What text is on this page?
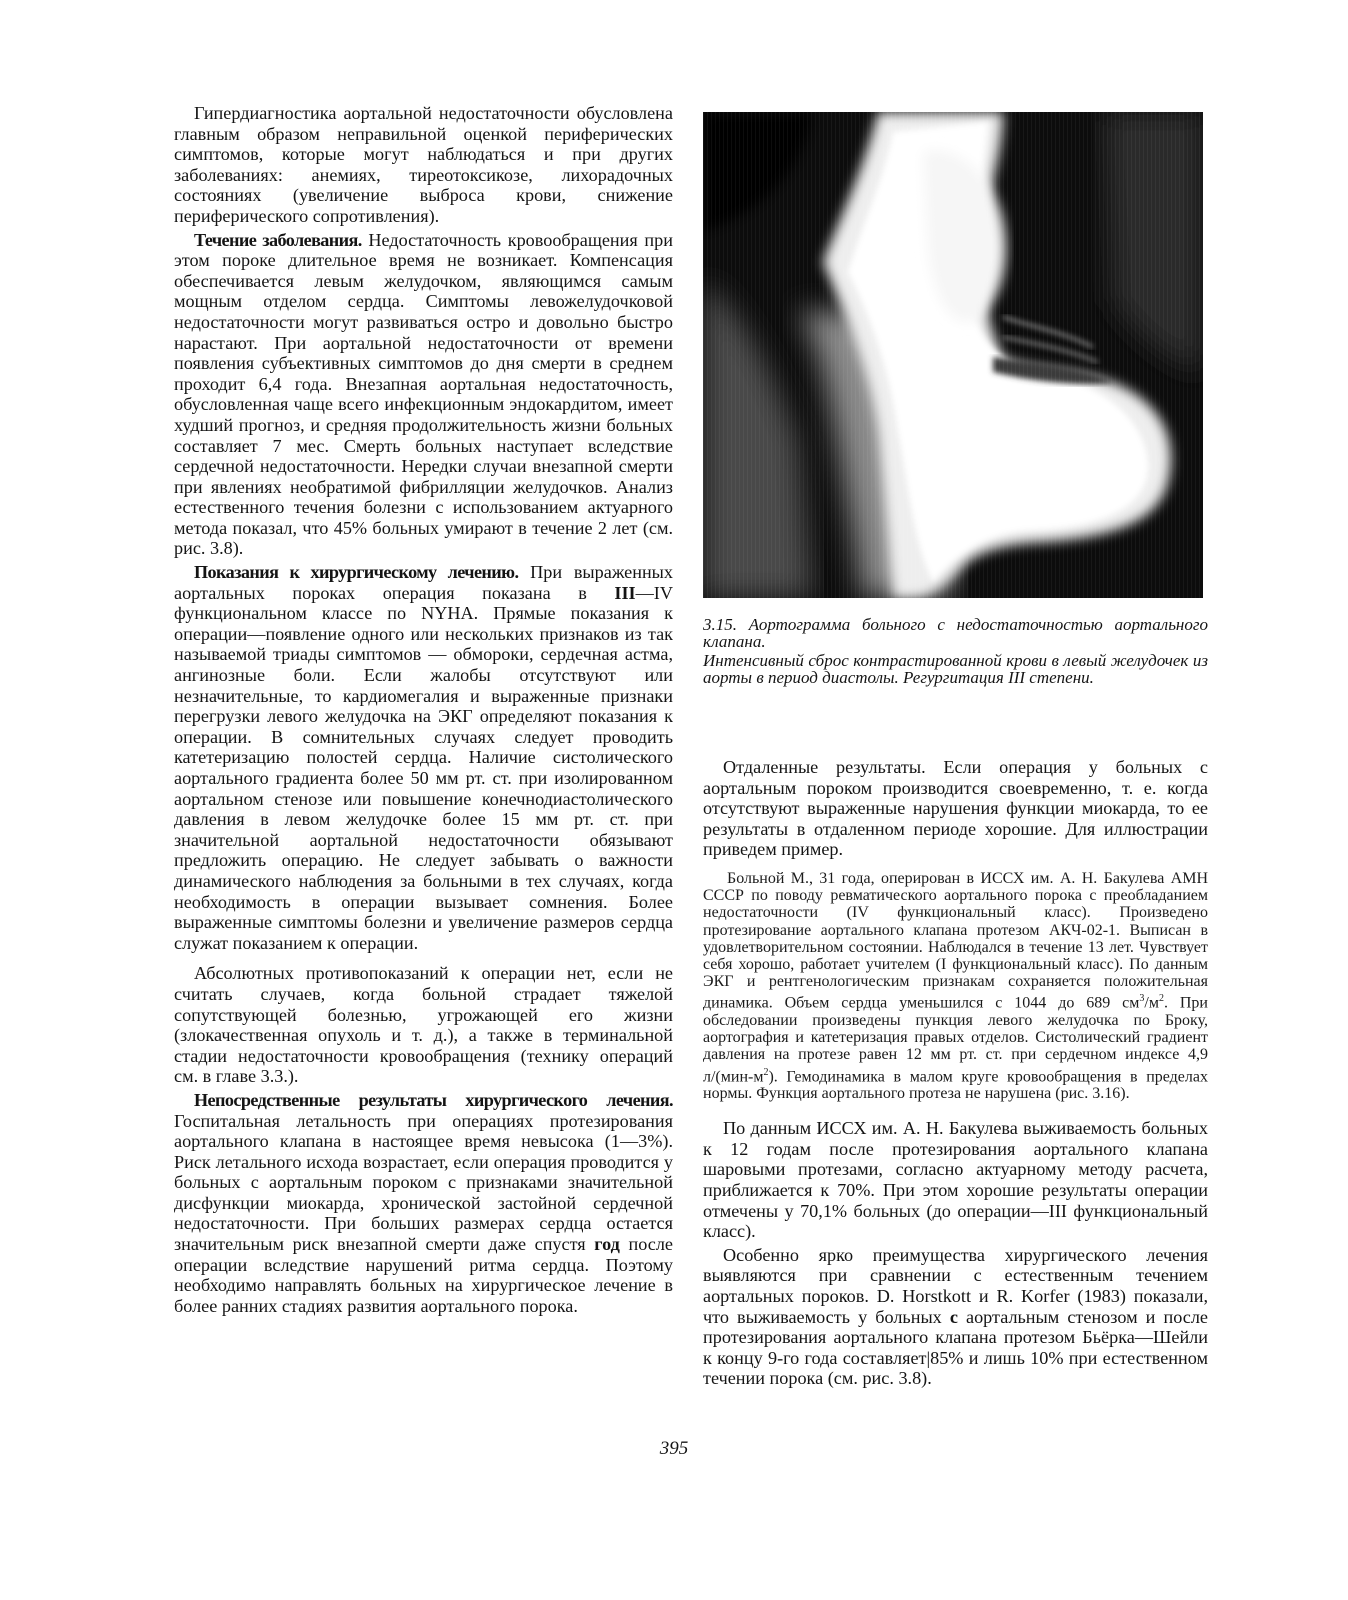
Гипердиагностика аортальной недостаточности обусловлена главным образом неправильной оценкой периферических симптомов, которые могут наблюдаться и при других заболеваниях: анемиях, тиреотоксикозе, лихорадочных состояниях (увеличение выброса крови, снижение периферического сопротивления).

Течение заболевания. Недостаточность кровообращения при этом пороке длительное время не возникает. Компенсация обеспечивается левым желудочком, являющимся самым мощным отделом сердца. Симптомы левожелудочковой недостаточности могут развиваться остро и довольно быстро нарастают. При аортальной недостаточности от времени появления субъективных симптомов до дня смерти в среднем проходит 6,4 года. Внезапная аортальная недостаточность, обусловленная чаще всего инфекционным эндокардитом, имеет худший прогноз, и средняя продолжительность жизни больных составляет 7 мес. Смерть больных наступает вследствие сердечной недостаточности. Нередки случаи внезапной смерти при явлениях необратимой фибрилляции желудочков. Анализ естественного течения болезни с использованием актуарного метода показал, что 45% больных умирают в течение 2 лет (см. рис. 3.8).

Показания к хирургическому лечению. При выраженных аортальных пороках операция показана в III—IV функциональном классе по NYHA. Прямые показания к операции—появление одного или нескольких признаков из так называемой триады симптомов — обмороки, сердечная астма, ангинозные боли. Если жалобы отсутствуют или незначительные, то кардиомегалия и выраженные признаки перегрузки левого желудочка на ЭКГ определяют показания к операции. В сомнительных случаях следует проводить катетеризацию полостей сердца. Наличие систолического аортального градиента более 50 мм рт. ст. при изолированном аортальном стенозе или повышение конечнодиастолического давления в левом желудочке более 15 мм рт. ст. при значительной аортальной недостаточности обязывают предложить операцию. Не следует забывать о важности динамического наблюдения за больными в тех случаях, когда необходимость в операции вызывает сомнения. Более выраженные симптомы болезни и увеличение размеров сердца служат показанием к операции.

Абсолютных противопоказаний к операции нет, если не считать случаев, когда больной страдает тяжелой сопутствующей болезнью, угрожающей его жизни (злокачественная опухоль и т. д.), а также в терминальной стадии недостаточности кровообращения (технику операций см. в главе 3.3.).

Непосредственные результаты хирургического лечения. Госпитальная летальность при операциях протезирования аортального клапана в настоящее время невысока (1—3%). Риск летального исхода возрастает, если операция проводится у больных с аортальным пороком с признаками значительной дисфункции миокарда, хронической застойной сердечной недостаточности. При больших размерах сердца остается значительным риск внезапной смерти даже спустя год после операции вследствие нарушений ритма сердца. Поэтому необходимо направлять больных на хирургическое лечение в более ранних стадиях развития аортального порока.

3.15. Аортограмма больного с недостаточностью аортального клапана.

Интенсивный сброс контрастированной крови в левый желудочек из аорты в период диастолы. Регургитация III степени.

Отдаленные результаты. Если операция у больных с аортальным пороком производится своевременно, т. е. когда отсутствуют выраженные нарушения функции миокарда, то ее результаты в отдаленном периоде хорошие. Для иллюстрации приведем пример.

Больной М., 31 года, оперирован в ИССХ им. А. Н. Бакулева АМН СССР по поводу ревматического аортального порока с преобладанием недостаточности (IV функциональный класс). Произведено протезирование аортального клапана протезом АКЧ-02-1. Выписан в удовлетворительном состоянии. Наблюдался в течение 13 лет. Чувствует себя хорошо, работает учителем (I функциональный класс). По данным ЭКГ и рентгенологическим признакам сохраняется положительная динамика. Объем сердца уменьшился с 1044 до 689 $см^3/м^2$. При обследовании произведены пункция левого желудочка по Броку, аортография и катетеризация правых отделов. Систолический градиент давления на протезе равен 12 мм рт. ст. при сердечном индексе 4,9 $л/(мин-м^2)$. Гемодинамика в малом круге кровообращения в пределах нормы. Функция аортального протеза не нарушена (рис. 3.16).

По данным ИССХ им. А. Н. Бакулева выживаемость больных к 12 годам после протезирования аортального клапана шаровыми протезами, согласно актуарному методу расчета, приближается к 70%. При этом хорошие результаты операции отмечены у 70,1% больных (до операции—III функциональный класс).

Особенно ярко преимущества хирургического лечения выявляются при сравнении с естественным течением аортальных пороков. D. Horstkott и R. Korfer (1983) показали, что выживаемость у больных с аортальным стенозом и после протезирования аортального клапана протезом Бьёрка—Шейли к концу 9-го года составляет|85% и лишь 10% при естественном течении порока (см. рис. 3.8).

395
